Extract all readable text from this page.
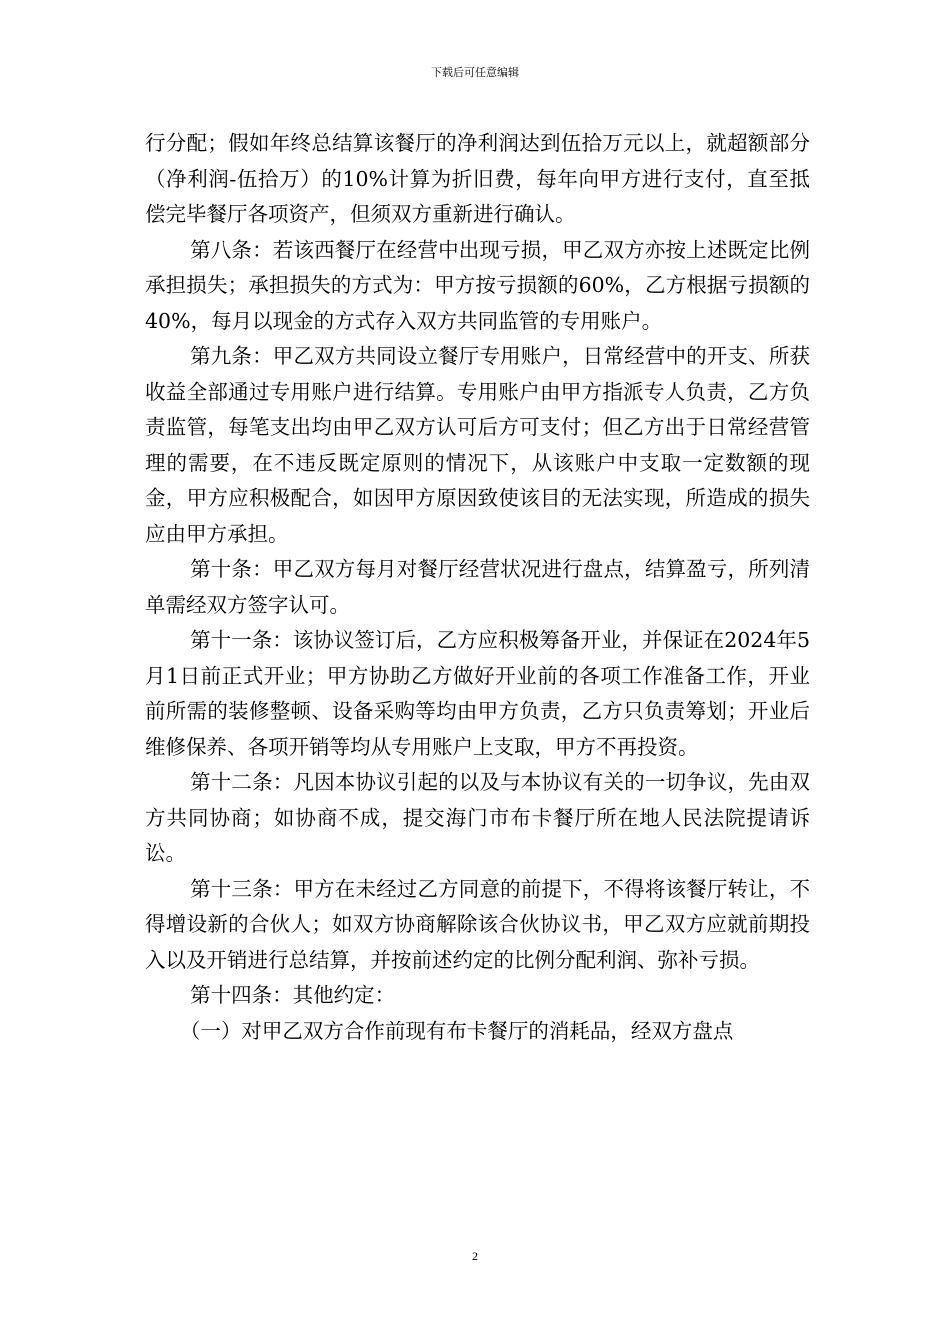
下载后可任意编辑

行分配；假如年终总结算该餐厅的净利润达到伍拾万元以上，就超额部分（净利润-伍拾万）的10%计算为折旧费，每年向甲方进行支付，直至抵偿完毕餐厅各项资产，但须双方重新进行确认。

第八条：若该西餐厅在经营中出现亏损，甲乙双方亦按上述既定比例承担损失；承担损失的方式为：甲方按亏损额的60%，乙方根据亏损额的40%，每月以现金的方式存入双方共同监管的专用账户。

第九条：甲乙双方共同设立餐厅专用账户，日常经营中的开支、所获收益全部通过专用账户进行结算。专用账户由甲方指派专人负责，乙方负责监管，每笔支出均由甲乙双方认可后方可支付；但乙方出于日常经营管理的需要，在不违反既定原则的情况下，从该账户中支取一定数额的现金，甲方应积极配合，如因甲方原因致使该目的无法实现，所造成的损失应由甲方承担。

第十条：甲乙双方每月对餐厅经营状况进行盘点，结算盈亏，所列清单需经双方签字认可。

第十一条：该协议签订后，乙方应积极筹备开业，并保证在2024年5月1日前正式开业；甲方协助乙方做好开业前的各项工作准备工作，开业前所需的装修整顿、设备采购等均由甲方负责，乙方只负责筹划；开业后维修保养、各项开销等均从专用账户上支取，甲方不再投资。

第十二条：凡因本协议引起的以及与本协议有关的一切争议，先由双方共同协商；如协商不成，提交海门市布卡餐厅所在地人民法院提请诉讼。

第十三条：甲方在未经过乙方同意的前提下，不得将该餐厅转让，不得增设新的合伙人；如双方协商解除该合伙协议书，甲乙双方应就前期投入以及开销进行总结算，并按前述约定的比例分配利润、弥补亏损。

第十四条：其他约定：

（一）对甲乙双方合作前现有布卡餐厅的消耗品，经双方盘点

2
